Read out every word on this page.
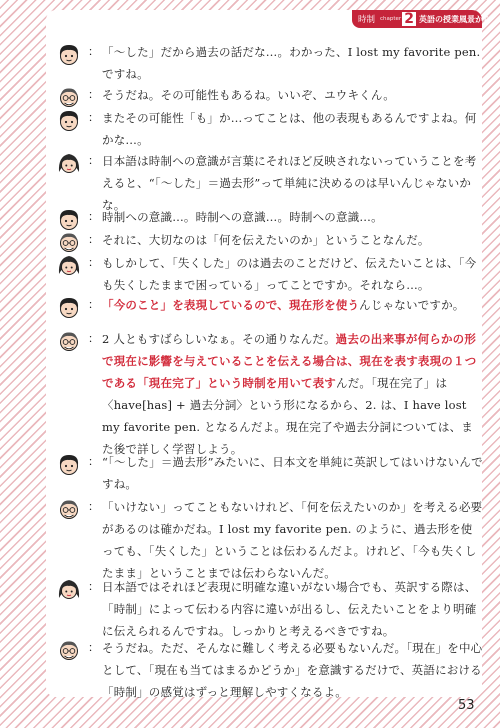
時制 chapter 2 英語の授業風景から
： 「～した」だから過去の話だな…。わかった、I lost my favorite pen. ですね。
： そうだね。その可能性もあるね。いいぞ、ユウキくん。
： またその可能性「も」か…ってことは、他の表現もあるんですよね。何かな…。
： 日本語は時制への意識が言葉にそれほど反映されないっていうことを考えると、“「～した」＝過去形”って単純に決めるのは早いんじゃないかな。
： 時制への意識…。時制への意識…。時制への意識…。
： それに、大切なのは「何を伝えたいのか」ということなんだ。
： もしかして、「失くした」のは過去のことだけど、伝えたいことは、「今も失くしたままで困っている」ってことですか。それなら…。
： 「今のこと」を表現しているので、現在形を使うんじゃないですか。
： 2 人ともすばらしいなぁ。その通りなんだ。過去の出来事が何らかの形で現在に影響を与えていることを伝える場合は、現在を表す表現の１つである「現在完了」という時制を用いて表すんだ。「現在完了」は〈have[has] + 過去分詞〉という形になるから、2. は、I have lost my favorite pen. となるんだよ。現在完了や過去分詞については、また後で詳しく学習しよう。
： “「～した」＝過去形”みたいに、日本文を単純に英訳してはいけないんですね。
： 「いけない」ってこともないけれど、「何を伝えたいのか」を考える必要があるのは確かだね。I lost my favorite pen. のように、過去形を使っても、「失くした」ということは伝わるんだよ。けれど、「今も失くしたまま」ということまでは伝わらないんだ。
： 日本語ではそれほど表現に明確な違いがない場合でも、英訳する際は、「時制」によって伝わる内容に違いが出るし、伝えたいことをより明確に伝えられるんですね。しっかりと考えるべきですね。
： そうだね。ただ、そんなに難しく考える必要もないんだ。「現在」を中心として、「現在も当てはまるかどうか」を意識するだけで、英語における「時制」の感覚はずっと理解しやすくなるよ。
53
